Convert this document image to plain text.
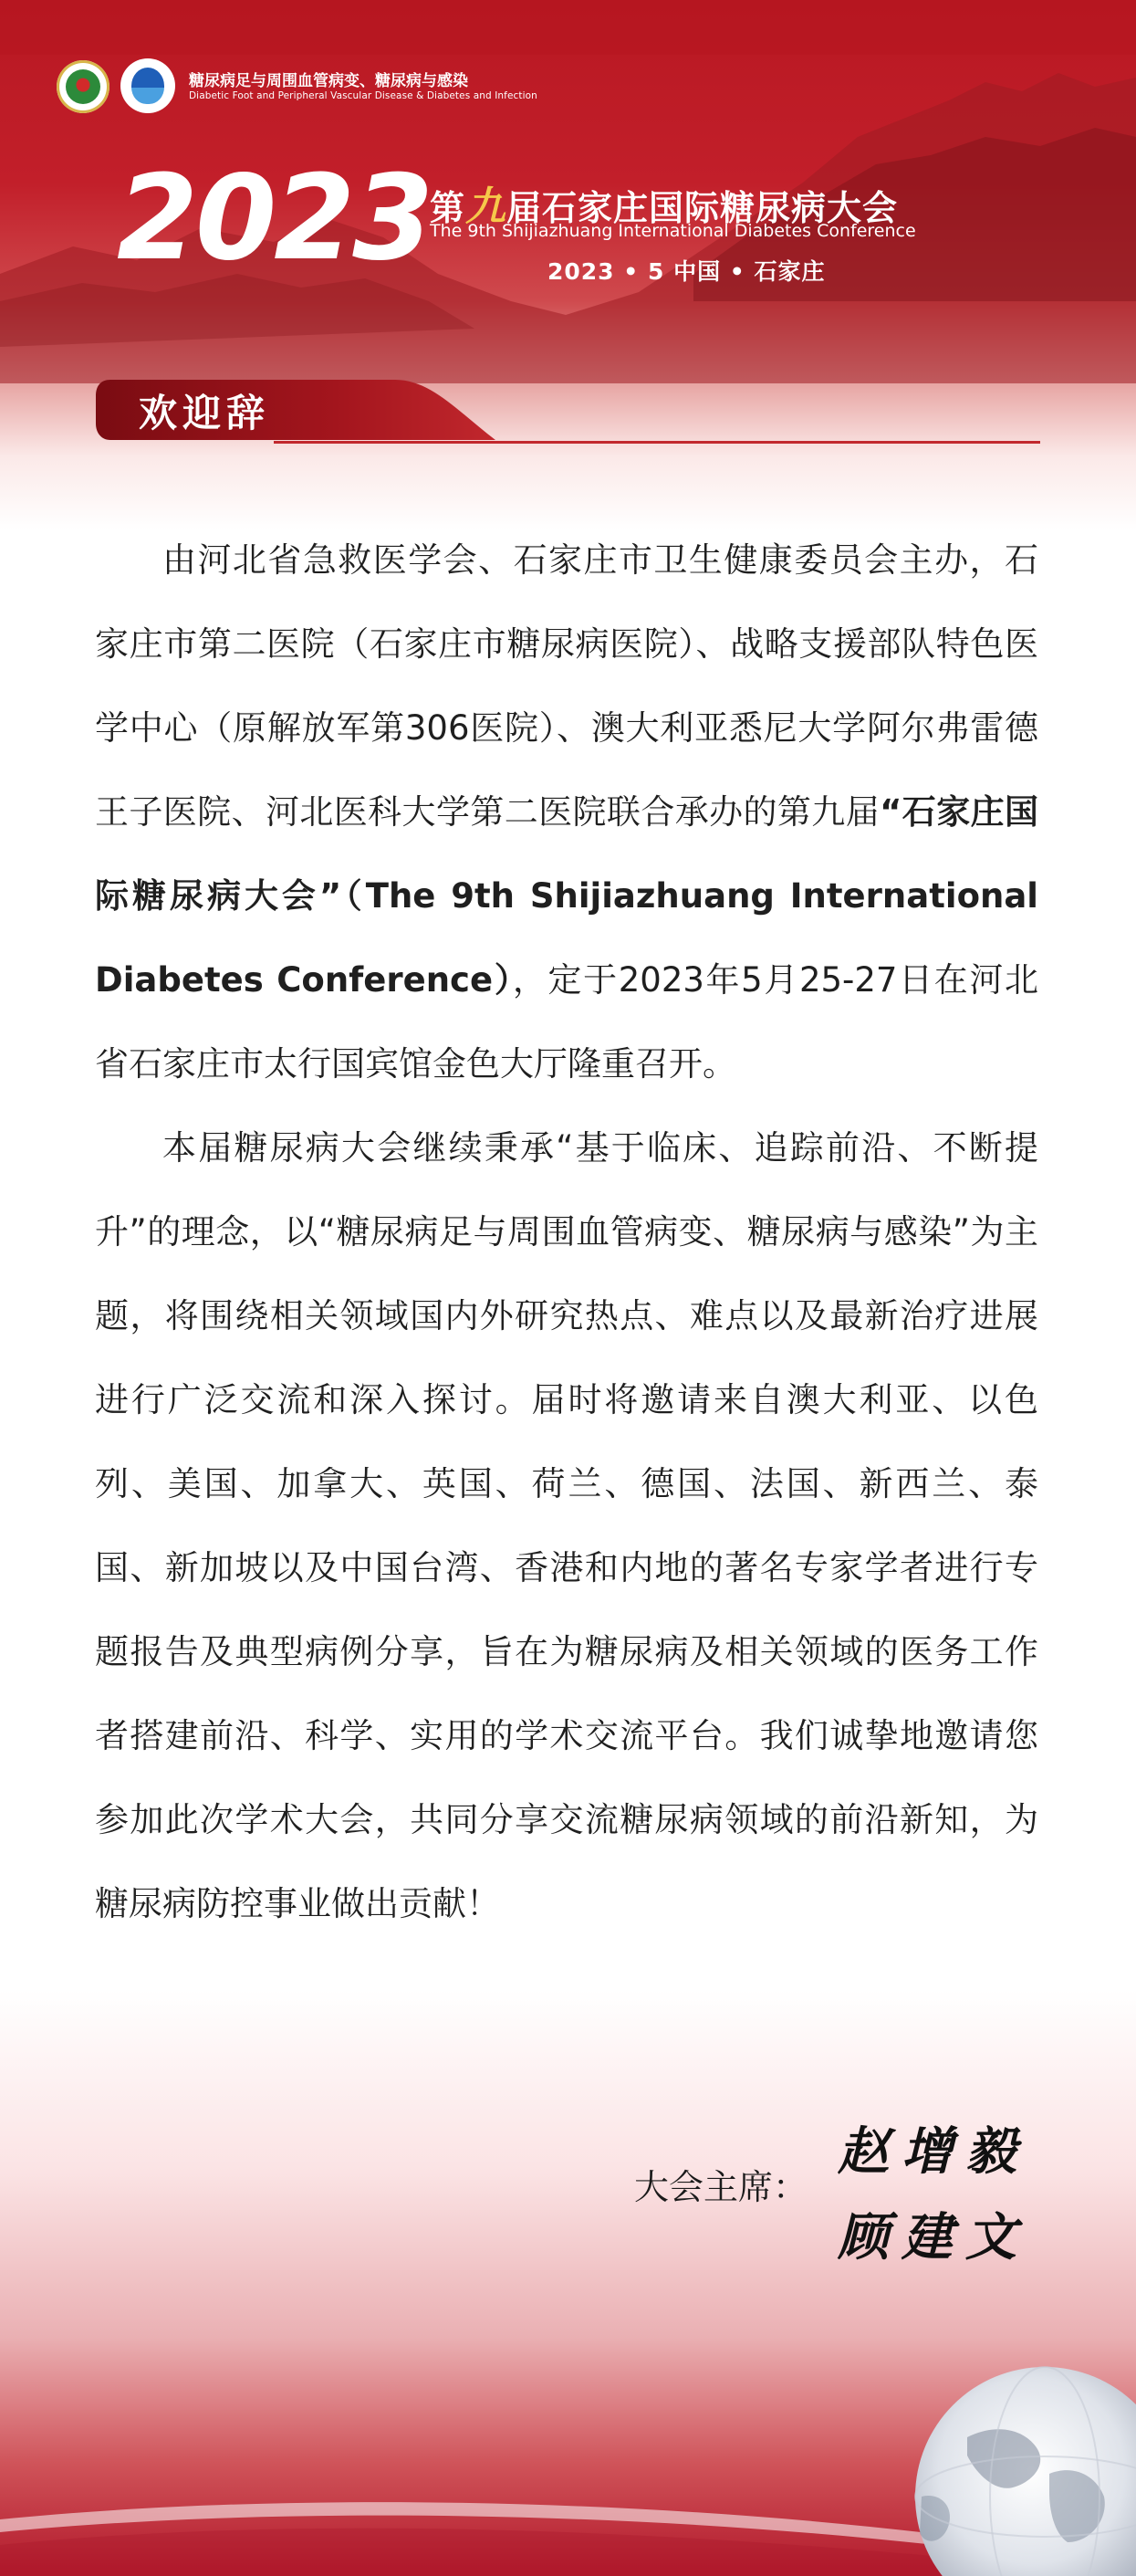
糖尿病足与周围血管病变、糖尿病与感染
Diabetic Foot and Peripheral Vascular Disease & Diabetes and Infection
2023
第九届石家庄国际糖尿病大会
The 9th Shijiazhuang International Diabetes Conference
2023 • 5 中国 • 石家庄
欢迎辞

由河北省急救医学会、石家庄市卫生健康委员会主办，石家庄市第二医院（石家庄市糖尿病医院）、战略支援部队特色医学中心（原解放军第306医院）、澳大利亚悉尼大学阿尔弗雷德王子医院、河北医科大学第二医院联合承办的第九届“石家庄国际糖尿病大会”（The 9th Shijiazhuang International Diabetes Conference），定于2023年5月25-27日在河北省石家庄市太行国宾馆金色大厅隆重召开。

本届糖尿病大会继续秉承“基于临床、追踪前沿、不断提升”的理念，以“糖尿病足与周围血管病变、糖尿病与感染”为主题，将围绕相关领域国内外研究热点、难点以及最新治疗进展进行广泛交流和深入探讨。届时将邀请来自澳大利亚、以色列、美国、加拿大、英国、荷兰、德国、法国、新西兰、泰国、新加坡以及中国台湾、香港和内地的著名专家学者进行专题报告及典型病例分享，旨在为糖尿病及相关领域的医务工作者搭建前沿、科学、实用的学术交流平台。我们诚挚地邀请您参加此次学术大会，共同分享交流糖尿病领域的前沿新知，为糖尿病防控事业做出贡献！

大会主席：
赵增毅
顾建文
